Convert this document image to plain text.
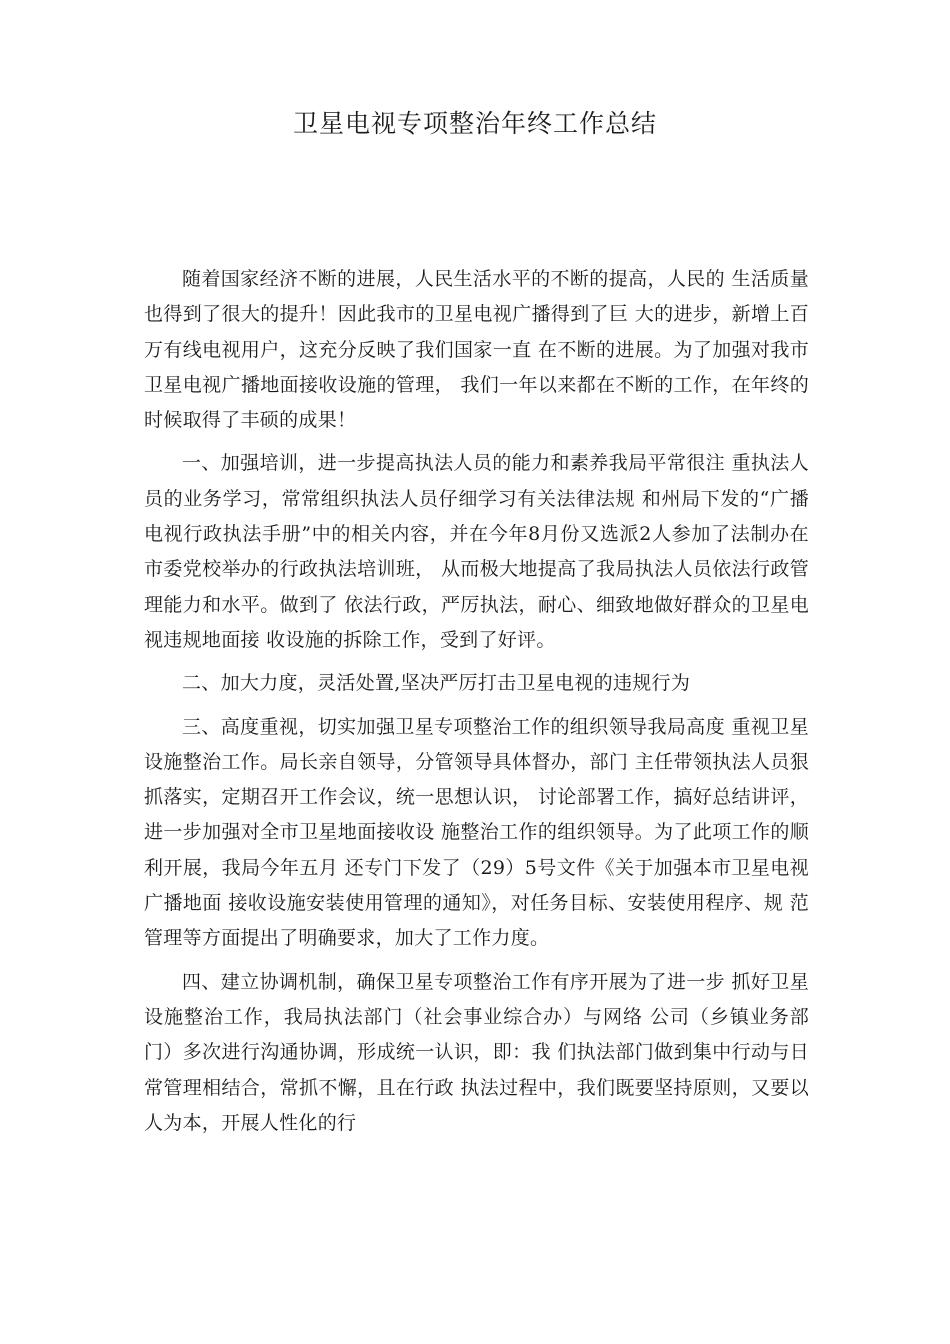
卫星电视专项整治年终工作总结

随着国家经济不断的进展，人民生活水平的不断的提高，人民的 生活质量也得到了很大的提升！因此我市的卫星电视广播得到了巨 大的进步，新增上百万有线电视用户，这充分反映了我们国家一直 在不断的进展。为了加强对我市卫星电视广播地面接收设施的管理， 我们一年以来都在不断的工作，在年终的时候取得了丰硕的成果！

一、加强培训，进一步提高执法人员的能力和素养我局平常很注 重执法人员的业务学习，常常组织执法人员仔细学习有关法律法规 和州局下发的“广播电视行政执法手册”中的相关内容，并在今年8月份又选派2人参加了法制办在市委党校举办的行政执法培训班， 从而极大地提高了我局执法人员依法行政管理能力和水平。做到了 依法行政，严厉执法，耐心、细致地做好群众的卫星电视违规地面接 收设施的拆除工作，受到了好评。

二、加大力度，灵活处置,坚决严厉打击卫星电视的违规行为

三、高度重视，切实加强卫星专项整治工作的组织领导我局高度 重视卫星设施整治工作。局长亲自领导，分管领导具体督办，部门 主任带领执法人员狠抓落实，定期召开工作会议，统一思想认识， 讨论部署工作，搞好总结讲评，进一步加强对全市卫星地面接收设 施整治工作的组织领导。为了此项工作的顺利开展，我局今年五月 还专门下发了（29）5号文件《关于加强本市卫星电视广播地面 接收设施安装使用管理的通知》，对任务目标、安装使用程序、规 范管理等方面提出了明确要求，加大了工作力度。

四、建立协调机制，确保卫星专项整治工作有序开展为了进一步 抓好卫星设施整治工作，我局执法部门（社会事业综合办）与网络 公司（乡镇业务部门）多次进行沟通协调，形成统一认识，即：我 们执法部门做到集中行动与日常管理相结合，常抓不懈，且在行政 执法过程中，我们既要坚持原则，又要以人为本，开展人性化的行
